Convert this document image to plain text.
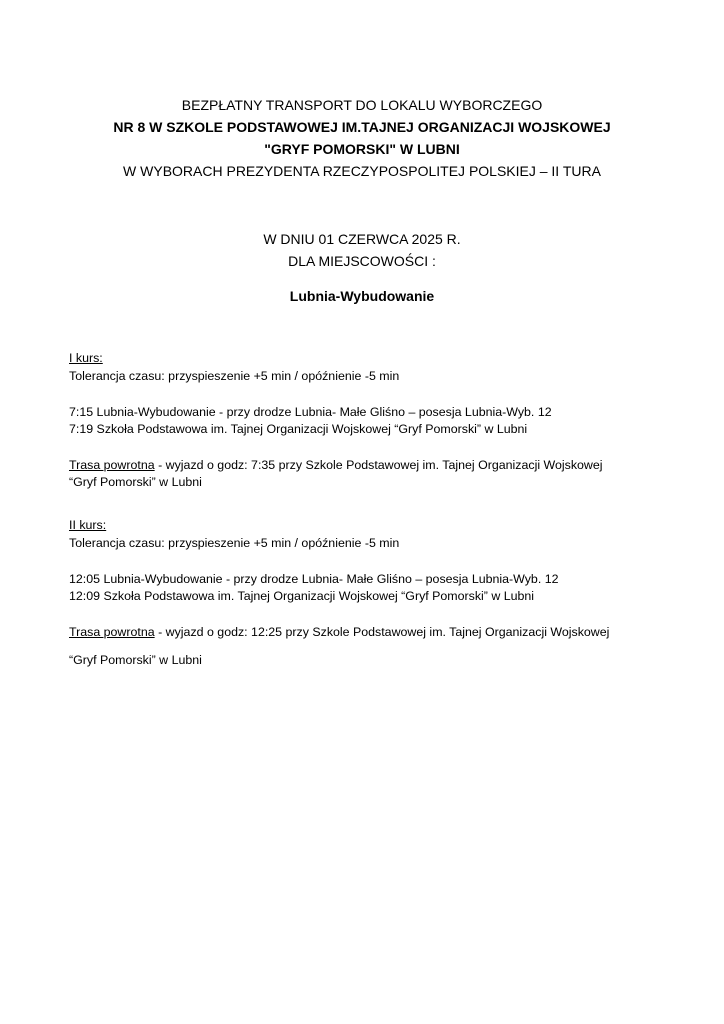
BEZPŁATNY TRANSPORT DO LOKALU WYBORCZEGO
NR 8 W SZKOLE PODSTAWOWEJ IM.TAJNEJ ORGANIZACJI WOJSKOWEJ
"GRYF POMORSKI" W LUBNI
W WYBORACH PREZYDENTA RZECZYPOSPOLITEJ POLSKIEJ – II TURA
W DNIU 01 CZERWCA 2025 R.
DLA MIEJSCOWOŚCI :
Lubnia-Wybudowanie
I kurs:
Tolerancja czasu: przyspieszenie +5 min / opóźnienie -5 min
7:15 Lubnia-Wybudowanie - przy drodze Lubnia- Małe Gliśno – posesja Lubnia-Wyb. 12
7:19 Szkoła Podstawowa im. Tajnej Organizacji Wojskowej “Gryf Pomorski” w Lubni
Trasa powrotna - wyjazd o godz: 7:35 przy Szkole Podstawowej im. Tajnej Organizacji Wojskowej
“Gryf Pomorski” w Lubni
II kurs:
Tolerancja czasu: przyspieszenie +5 min / opóźnienie -5 min
12:05 Lubnia-Wybudowanie - przy drodze Lubnia- Małe Gliśno – posesja Lubnia-Wyb. 12
12:09 Szkoła Podstawowa im. Tajnej Organizacji Wojskowej “Gryf Pomorski” w Lubni
Trasa powrotna - wyjazd o godz: 12:25 przy Szkole Podstawowej im. Tajnej Organizacji Wojskowej
“Gryf Pomorski” w Lubni
